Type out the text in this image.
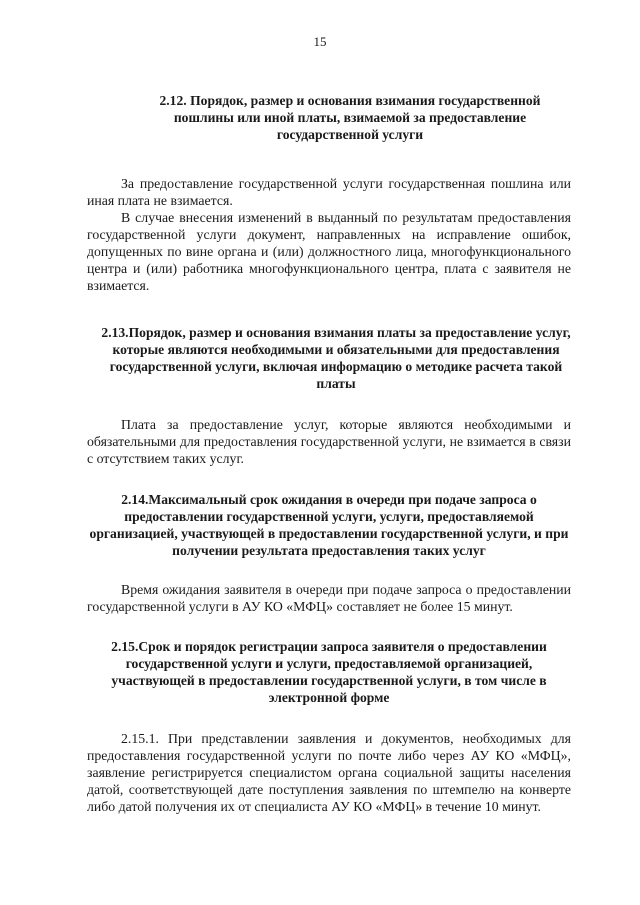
15
2.12. Порядок, размер и основания взимания государственной пошлины или иной платы, взимаемой за предоставление государственной услуги

За предоставление государственной услуги государственная пошлина или иная плата не взимается.

В случае внесения изменений в выданный по результатам предоставления государственной услуги документ, направленных на исправление ошибок, допущенных по вине органа и (или) должностного лица, многофункционального центра и (или) работника многофункционального центра, плата с заявителя не взимается.

2.13.Порядок, размер и основания взимания платы за предоставление услуг, которые являются необходимыми и обязательными для предоставления государственной услуги, включая информацию о методике расчета такой платы

Плата за предоставление услуг, которые являются необходимыми и обязательными для предоставления государственной услуги, не взимается в связи с отсутствием таких услуг.

2.14.Максимальный срок ожидания в очереди при подаче запроса о предоставлении государственной услуги, услуги, предоставляемой организацией, участвующей в предоставлении государственной услуги, и при получении результата предоставления таких услуг

Время ожидания заявителя в очереди при подаче запроса о предоставлении государственной услуги в АУ КО «МФЦ» составляет не более 15 минут.

2.15.Срок и порядок регистрации запроса заявителя о предоставлении государственной услуги и услуги, предоставляемой организацией, участвующей в предоставлении государственной услуги, в том числе в электронной форме

2.15.1. При представлении заявления и документов, необходимых для предоставления государственной услуги по почте либо через АУ КО «МФЦ», заявление регистрируется специалистом органа социальной защиты населения датой, соответствующей дате поступления заявления по штемпелю на конверте либо датой получения их от специалиста АУ КО «МФЦ» в течение 10 минут.
